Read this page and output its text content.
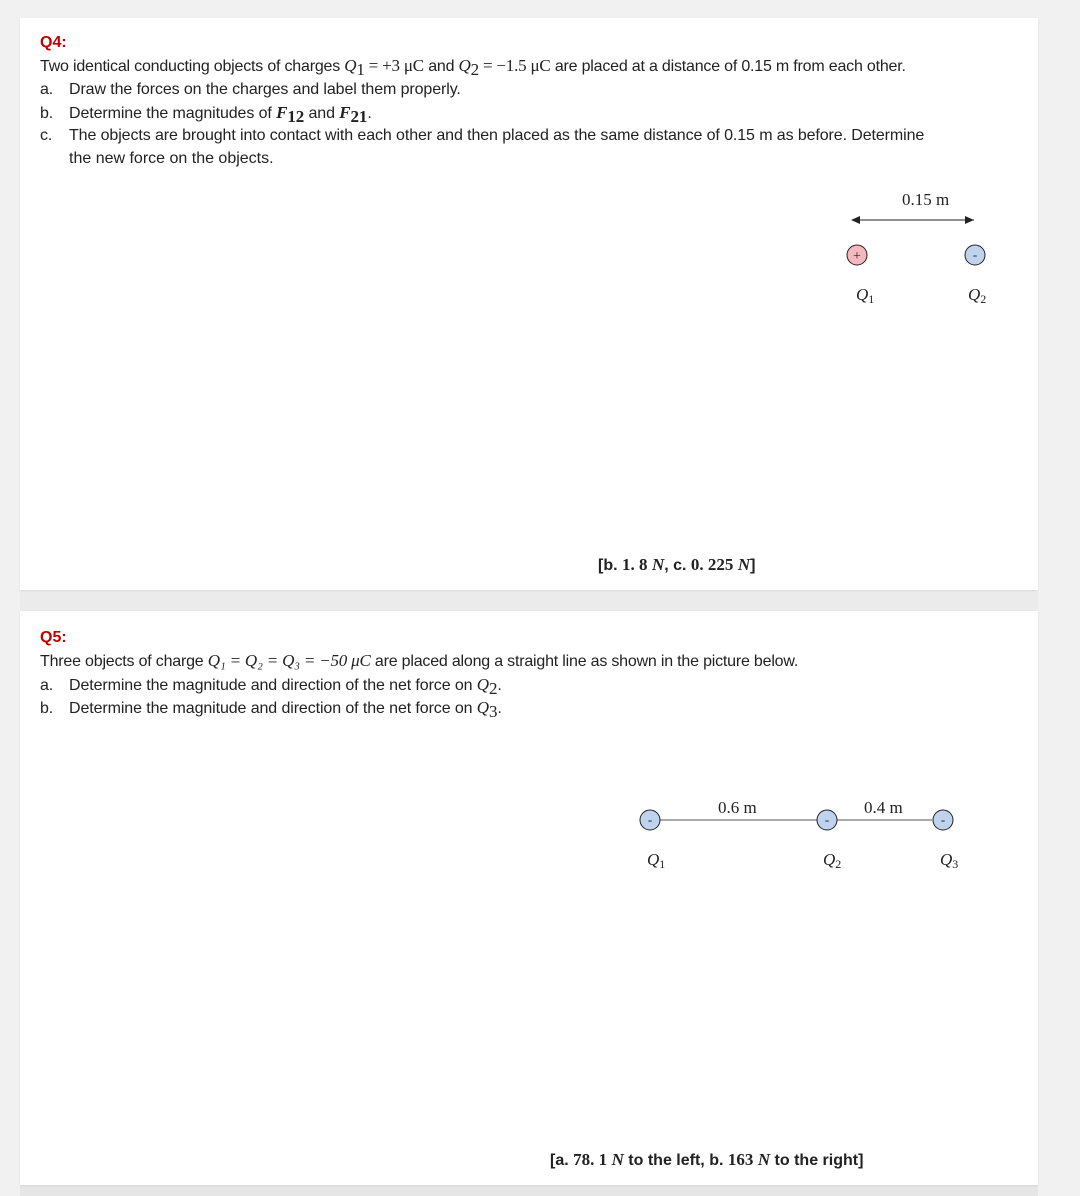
Q4:
Two identical conducting objects of charges $Q_1 = +3$ μC and $Q_2 = -1.5$ μC are placed at a distance of 0.15 m from each other.
a. Draw the forces on the charges and label them properly.
b. Determine the magnitudes of $F_{12}$ and $F_{21}$.
c. The objects are brought into contact with each other and then placed as the same distance of 0.15 m as before. Determine
the new force on the objects.
0.15 m
+	-
Q1	Q2
[b. 1. 8 N, c. 0. 225 N]
Q5:
Three objects of charge Q₁ = Q₂ = Q₃ = −50 μC are placed along a straight line as shown in the picture below.
a. Determine the magnitude and direction of the net force on $Q_2$.
b. Determine the magnitude and direction of the net force on $Q_3$.
0.6 m	0.4 m
-	-	-
Q1	Q2	Q3
[a. 78. 1 N to the left, b. 163 N to the right]
